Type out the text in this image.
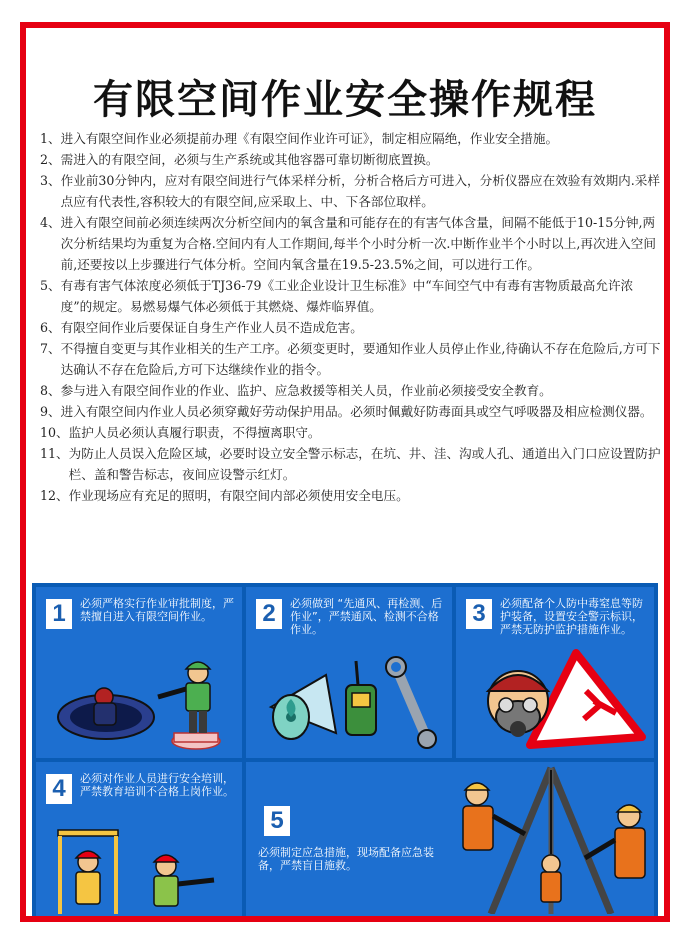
有限空间作业安全操作规程

1、 进入有限空间作业必须提前办理《有限空间作业许可证》，制定相应隔绝，作业安全措施。

2、 需进入的有限空间，必须与生产系统或其他容器可靠切断彻底置换。

3、 作业前30分钟内，应对有限空间进行气体采样分析，分析合格后方可进入，分析仪器应在效验有效期内.采样点应有代表性,容积较大的有限空间,应采取上、中、下各部位取样。

4、 进入有限空间前必须连续两次分析空间内的氧含量和可能存在的有害气体含量，间隔不能低于10-15分钟,两次分析结果均为重复为合格.空间内有人工作期间,每半个小时分析一次.中断作业半个小时以上,再次进入空间前,还要按以上步骤进行气体分析。空间内氧含量在19.5-23.5%之间，可以进行工作。

5、 有毒有害气体浓度必须低于TJ36-79《工业企业设计卫生标准》中“车间空气中有毒有害物质最高允许浓度”的规定。易燃易爆气体必须低于其燃烧、爆炸临界值。

6、 有限空间作业后要保证自身生产作业人员不造成危害。

7、 不得擅自变更与其作业相关的生产工序。必须变更时，要通知作业人员停止作业,待确认不存在危险后,方可下达确认不存在危险后,方可下达继续作业的指令。

8、 参与进入有限空间作业的作业、监护、应急救援等相关人员，作业前必须接受安全教育。

9、 进入有限空间内作业人员必须穿戴好劳动保护用品。必须时佩戴好防毒面具或空气呼吸器及相应检测仪器。

10、 监护人员必须认真履行职责，不得擅离职守。

11、 为防止人员误入危险区域，必要时设立安全警示标志，在坑、井、洼、沟或人孔、通道出入门口应设置防护栏、盖和警告标志，夜间应设警示红灯。

12、 作业现场应有充足的照明，有限空间内部必须使用安全电压。

1	必须严格实行作业审批制度，严禁擅自进入有限空间作业。	2	必须做到 “先通风、再检测、后作业”，严禁通风、检测不合格作业。
3	必须配备个人防中毒窒息等防护装备，设置安全警示标识，严禁无防护监护措施作业。
4	必须对作业人员进行安全培训，严禁教育培训不合格上岗作业。
5
必须制定应急措施，现场配备应急装备，严禁盲目施救。
